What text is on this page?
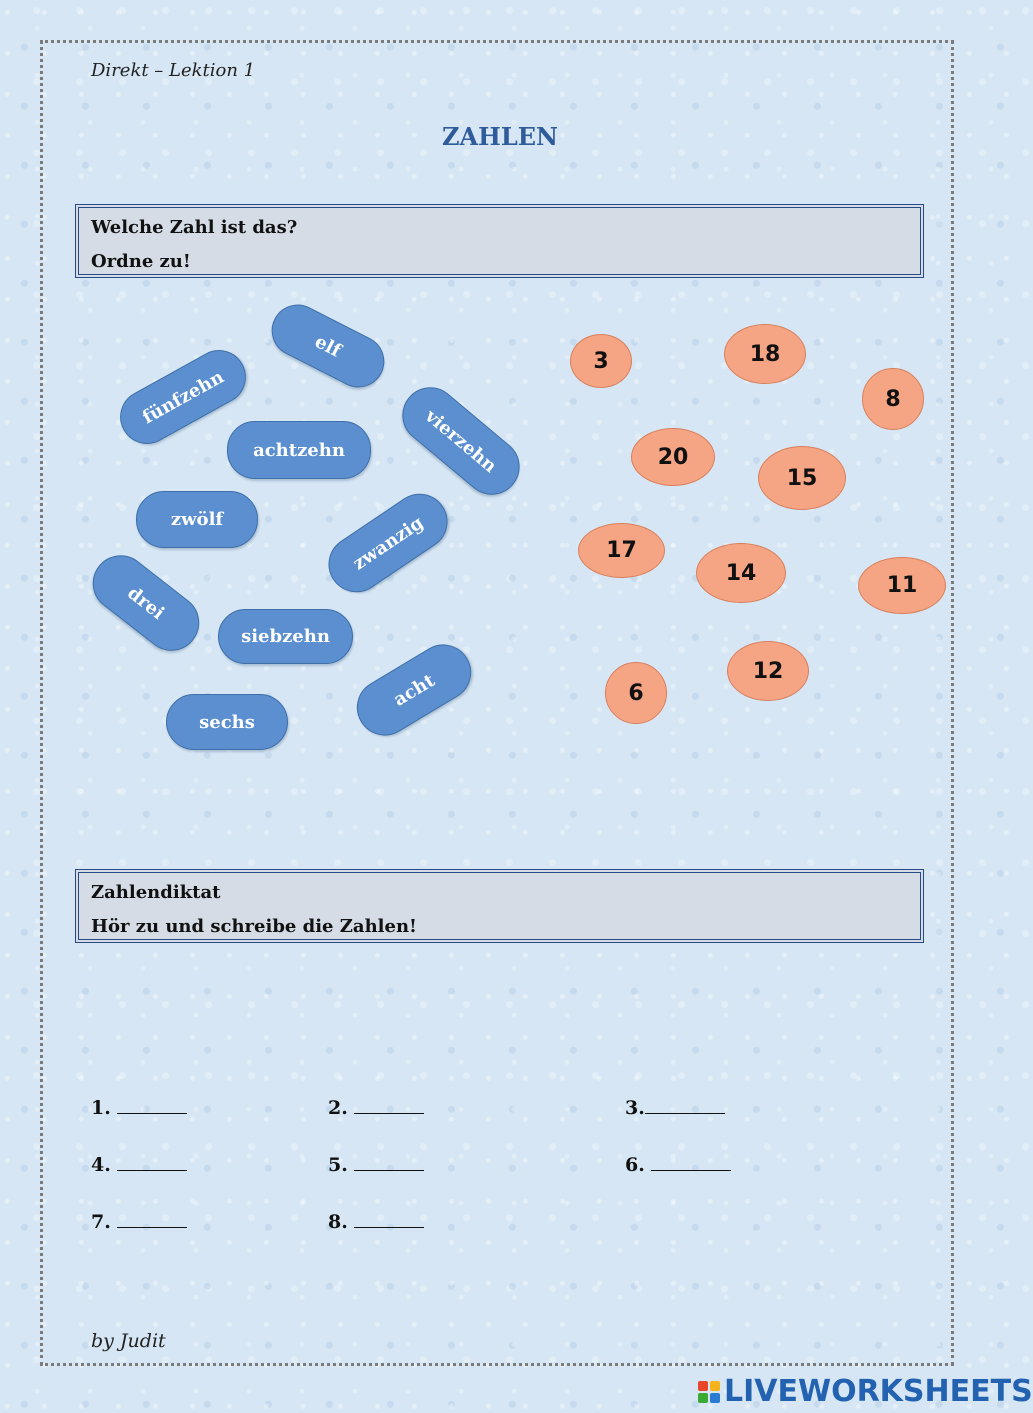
Direkt – Lektion 1
ZAHLEN
Welche Zahl ist das?
Ordne zu!
elf
fünfzehn
achtzehn	vierzehn
zwölf	zwanzig
drei
siebzehn
acht
sechs
3	18
8
20
15
17
14	11
6
12
Zahlendiktat
Hör zu und schreibe die Zahlen!
1.	2.	3.
4.	5.	6.
7.	8.
by Judit
LIVEWORKSHEETS
